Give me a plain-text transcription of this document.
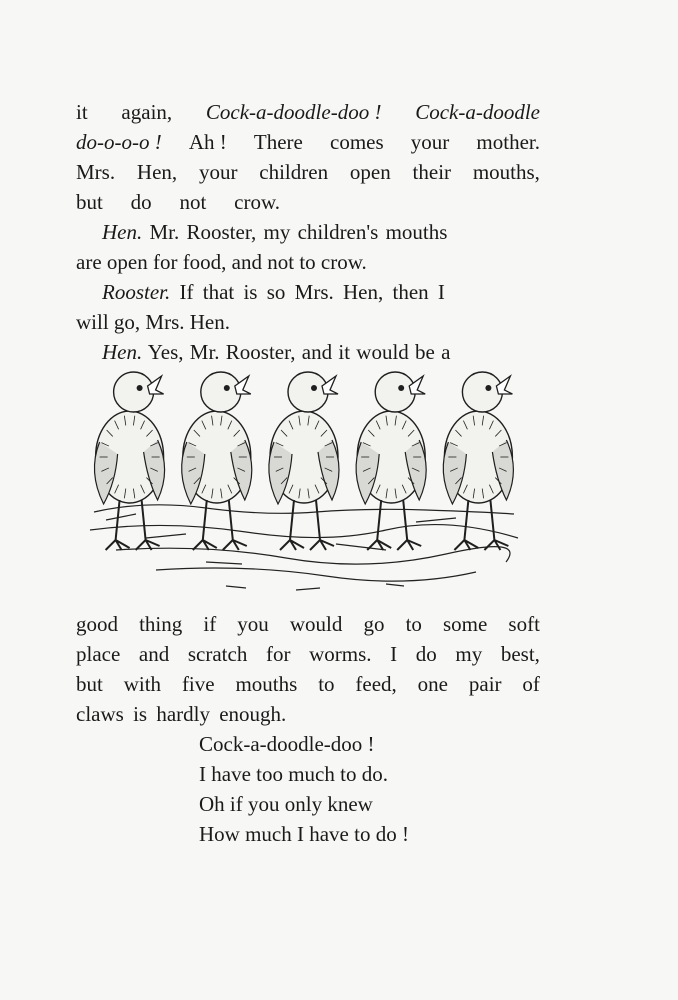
it again, Cock-a-doodle-doo ! Cock-a-doodle
do-o-o-o ! Ah ! There comes your mother.
Mrs. Hen, your children open their mouths,
but do not crow.
Hen. Mr. Rooster, my children's mouths
are open for food, and not to crow.
Rooster. If that is so Mrs. Hen, then I
will go, Mrs. Hen.
Hen. Yes, Mr. Rooster, and it would be a
good thing if you would go to some soft
place and scratch for worms. I do my best,
but with five mouths to feed, one pair of
claws is hardly enough.
Cock-a-doodle-doo !
I have too much to do.
Oh if you only knew
How much I have to do !
